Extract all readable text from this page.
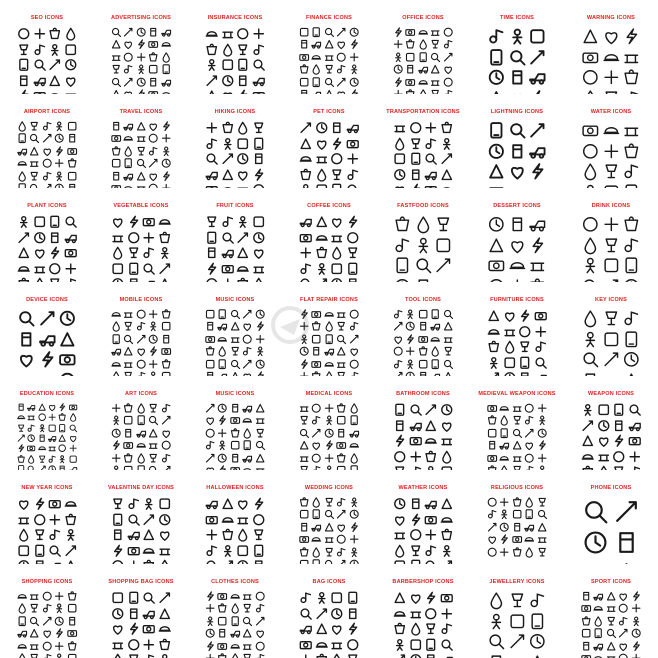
SEO ICONS	ADVERTISING ICONS	INSURANCE ICONS	FINANCE ICONS	OFFICE ICONS	TIME ICONS	WARNING ICONS
AIRPORT ICONS	TRAVEL ICONS	HIKING ICONS	PET ICONS	TRANSPORTATION ICONS	LIGHTNING ICONS	WATER ICONS
PLANT ICONS	VEGETABLE ICONS	FRUIT ICONS	COFFEE ICONS	FASTFOOD ICONS	DESSERT ICONS	DRINK ICONS
DEVICE ICONS	MOBILE ICONS	MUSIC ICONS	FLAT REPAIR ICONS	TOOL ICONS	FURNITURE ICONS	KEY ICONS
EDUCATION ICONS	ART ICONS	MUSIC ICONS	MEDICAL ICONS	BATHROOM ICONS	MEDIEVAL WEAPON ICONS	WEAPON ICONS
NEW YEAR ICONS	VALENTINE DAY ICONS	HALLOWEEN ICONS	WEDDING ICONS	WEATHER ICONS	RELIGIOUS ICONS	PHONE ICONS
SHOPPING ICONS	SHOPPING BAG ICONS	CLOTHES ICONS	BAG ICONS	BARBERSHOP ICONS	JEWELLERY ICONS	SPORT ICONS
